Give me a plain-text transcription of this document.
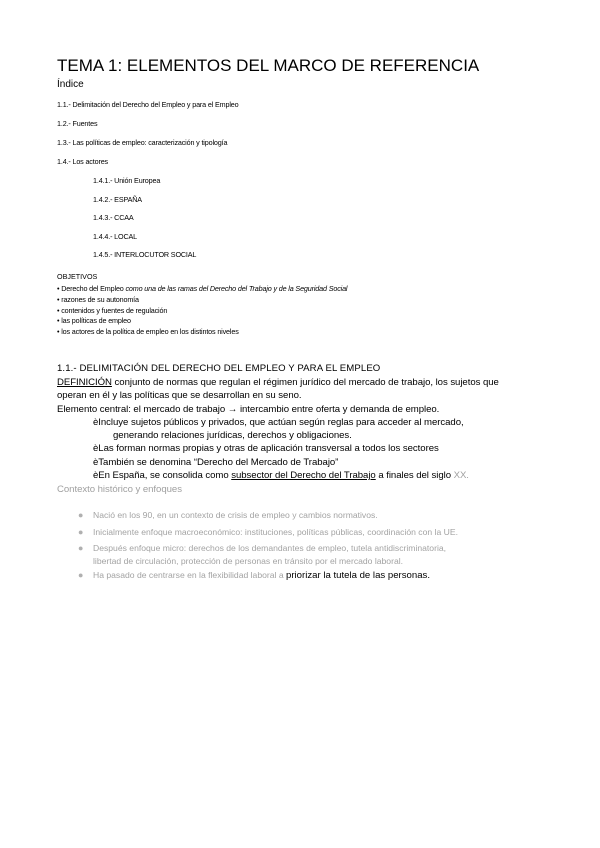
TEMA 1: ELEMENTOS DEL MARCO DE REFERENCIA
Índice
1.1.- Delimitación del Derecho del Empleo y para el Empleo
1.2.- Fuentes
1.3.- Las políticas de empleo: caracterización y tipología
1.4.- Los actores
1.4.1.- Unión Europea
1.4.2.- ESPAÑA
1.4.3.- CCAA
1.4.4.- LOCAL
1.4.5.- INTERLOCUTOR SOCIAL
OBJETIVOS
• Derecho del Empleo como una de las ramas del Derecho del Trabajo y de la Seguridad Social
• razones de su autonomía
• contenidos y fuentes de regulación
• las políticas de empleo
• los actores de la política de empleo en los distintos niveles
1.1.- DELIMITACIÓN DEL DERECHO DEL EMPLEO Y PARA EL EMPLEO
DEFINICIÓN conjunto de normas que regulan el régimen jurídico del mercado de trabajo, los sujetos que
operan en él y las políticas que se desarrollan en su seno.
Elemento central: el mercado de trabajo → intercambio entre oferta y demanda de empleo.
èIncluye sujetos públicos y privados, que actúan según reglas para acceder al mercado,
generando relaciones jurídicas, derechos y obligaciones.
èLas forman normas propias y otras de aplicación transversal a todos los sectores
èTambién se denomina “Derecho del Mercado de Trabajo”
èEn España, se consolida como subsector del Derecho del Trabajo a finales del siglo XX.
Contexto histórico y enfoques
● Nació en los 90, en un contexto de crisis de empleo y cambios normativos.
● Inicialmente enfoque macroeconómico: instituciones, políticas públicas, coordinación con la UE.
● Después enfoque micro: derechos de los demandantes de empleo, tutela antidiscriminatoria,
libertad de circulación, protección de personas en tránsito por el mercado laboral.
● Ha pasado de centrarse en la flexibilidad laboral a priorizar la tutela de las personas.
